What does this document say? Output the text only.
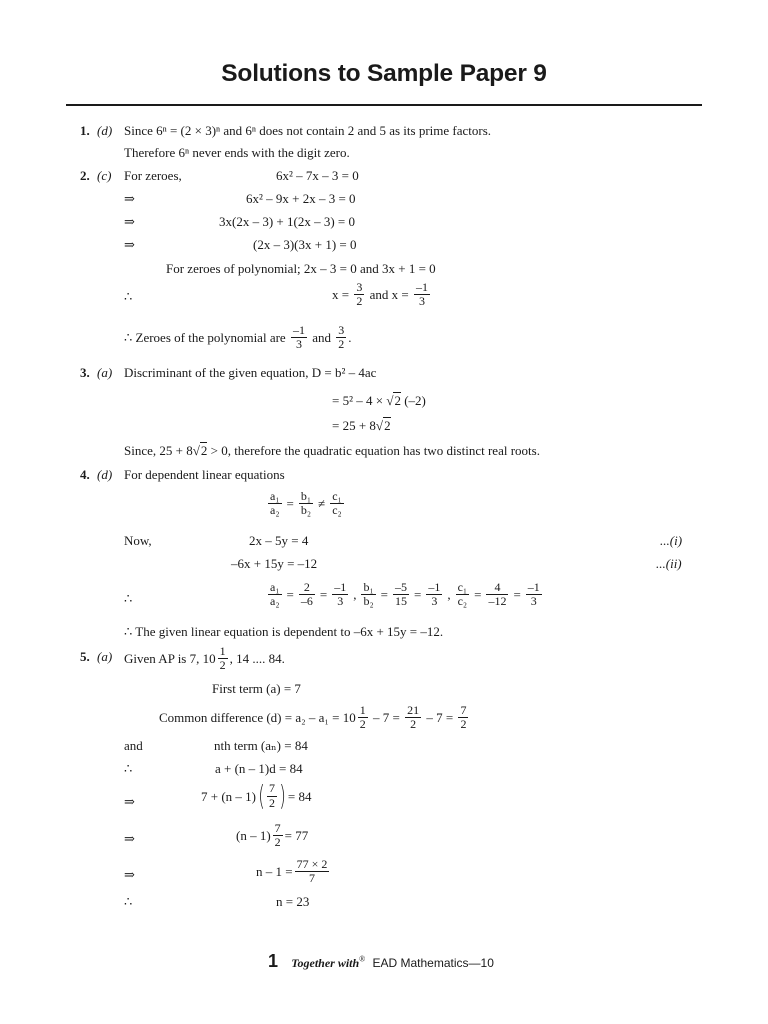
Solutions to Sample Paper 9
1. (d) Since 6ⁿ = (2 × 3)ⁿ and 6ⁿ does not contain 2 and 5 as its prime factors.
Therefore 6ⁿ never ends with the digit zero.
2. (c) For zeroes,	6x² – 7x – 3 = 0
⇒	6x² – 9x + 2x – 3 = 0
⇒	3x(2x – 3) + 1(2x – 3) = 0
⇒	(2x – 3)(3x + 1) = 0
For zeroes of polynomial; 2x – 3 = 0 and 3x + 1 = 0
∴	$x = \frac{3}{2}$ and $x = \frac{-1}{3}$
∴ Zeroes of the polynomial are $\frac{-1}{3}$ and $\frac{3}{2}$ .
3. (a) Discriminant of the given equation, D = b² – 4ac
= 5² – 4 × √2 (–2)
= 25 + 8√2
Since, 25 + 8√2 > 0, therefore the quadratic equation has two distinct real roots.
4. (d) For dependent linear equations
$\frac{\text{a₁}}{\text{a₂}} = \frac{\text{b₁}}{\text{b₂}} \ne \frac{\text{c₁}}{\text{c₂}}$
Now,	2x – 5y = 4	...(i)
–6x + 15y = –12	...(ii)
∴	$\frac{\text{a₁}}{\text{a₂}} = \frac{2}{-6} = \frac{-1}{3}$ , $\frac{\text{b₁}}{\text{b₂}} = \frac{-5}{15} = \frac{-1}{3}$ , $\frac{\text{c₁}}{\text{c₂}} = \frac{4}{-12} = \frac{-1}{3}$
∴ The given linear equation is dependent to –6x + 15y = –12.
5. (a) Given AP is 7, $10 \frac{1}{2}$ , 14 .... 84.
First term (a) = 7
Common difference $(d) = a_2 - a_1 = 10 \frac{1}{2} - 7 = \frac{21}{2} - 7 = \frac{7}{2}$
and	nth term (aₙ) = 84
∴	a + (n – 1)d = 84
⇒	7 + (n – 1) ( $\frac{7}{2}$ ) = 84
⇒	$(n - 1) \frac{7}{2} = 77$
⇒	$n - 1 = \frac{77 \times 2}{7}$
∴	n = 23
1 Together with® EAD Mathematics—10
